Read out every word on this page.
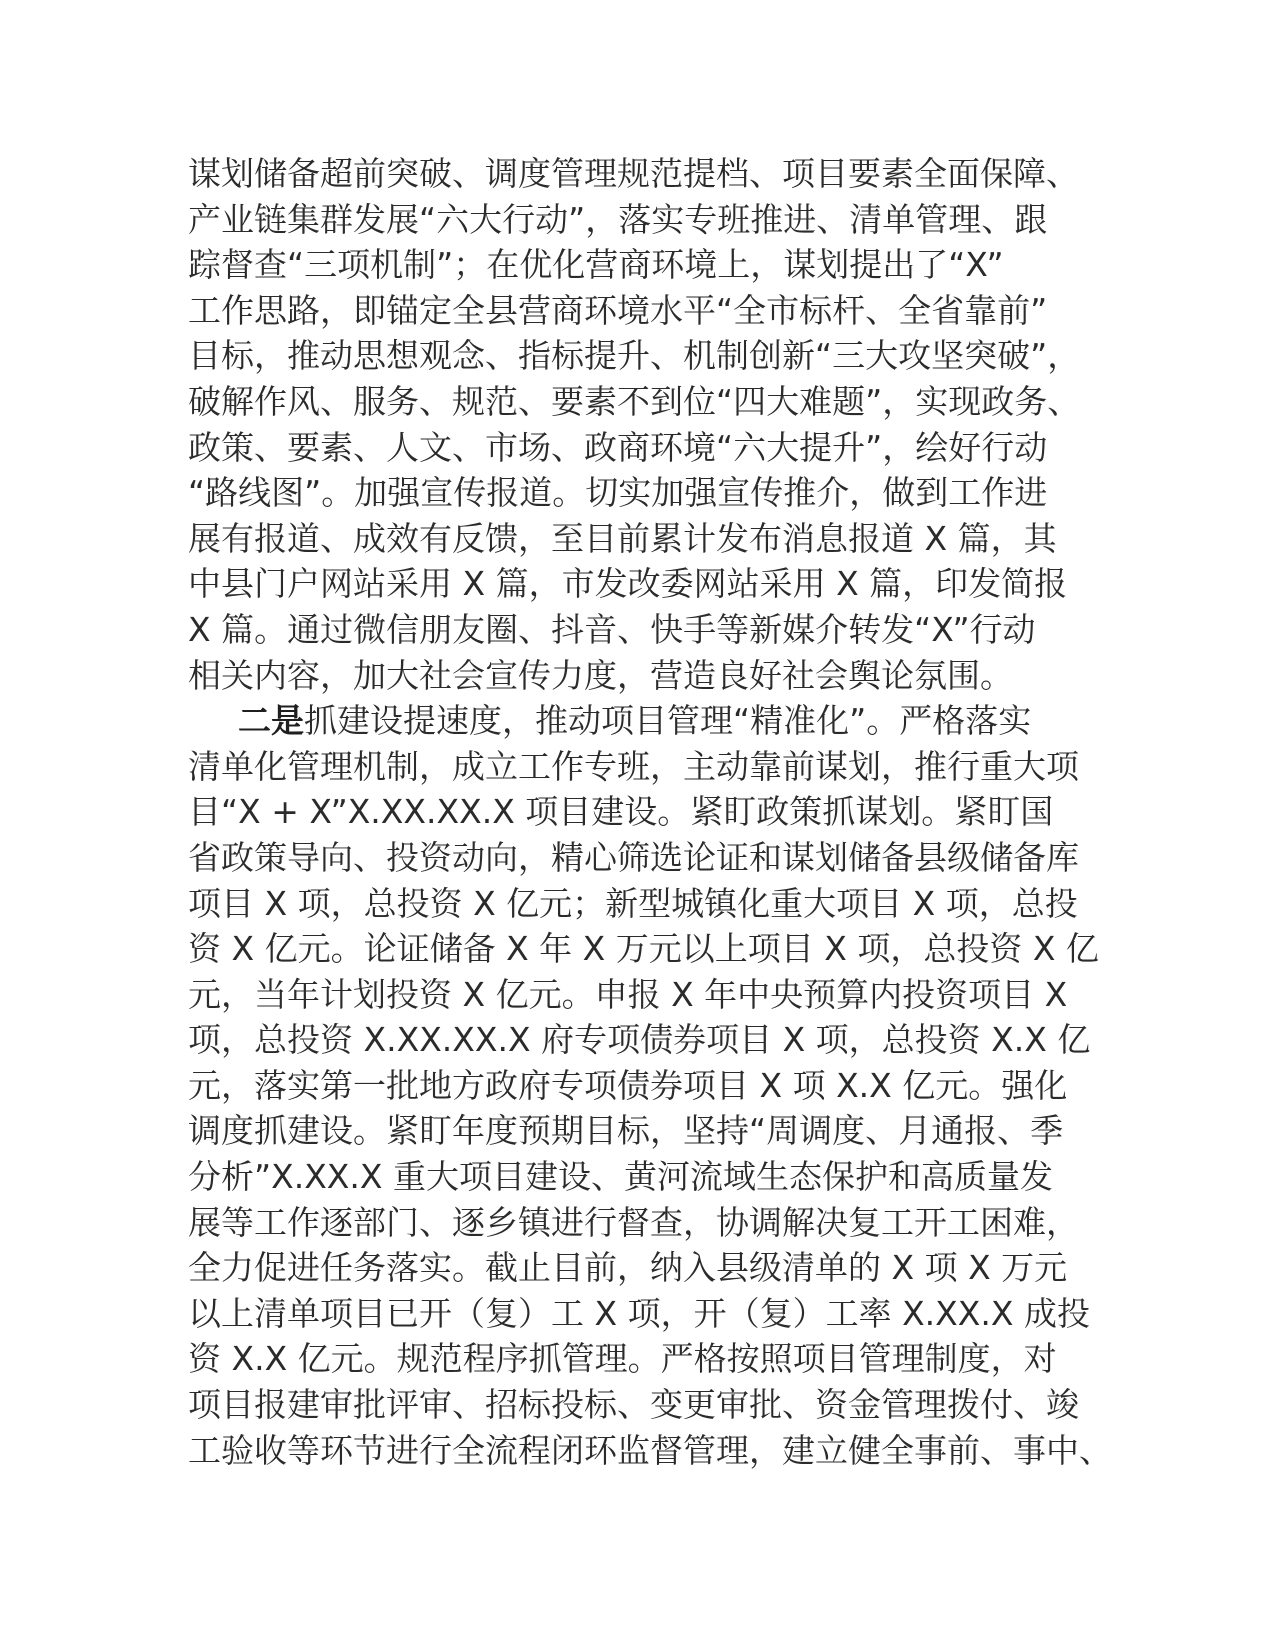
谋划储备超前突破、调度管理规范提档、项目要素全面保障、
产业链集群发展“六大行动”，落实专班推进、清单管理、跟
踪督查“三项机制”；在优化营商环境上，谋划提出了“X”
工作思路，即锚定全县营商环境水平“全市标杆、全省靠前”
目标，推动思想观念、指标提升、机制创新“三大攻坚突破”，
破解作风、服务、规范、要素不到位“四大难题”，实现政务、
政策、要素、人文、市场、政商环境“六大提升”，绘好行动
“路线图”。加强宣传报道。切实加强宣传推介，做到工作进
展有报道、成效有反馈，至目前累计发布消息报道 X 篇，其
中县门户网站采用 X 篇，市发改委网站采用 X 篇，印发简报
X 篇。通过微信朋友圈、抖音、快手等新媒介转发“X”行动
相关内容，加大社会宣传力度，营造良好社会舆论氛围。
二是抓建设提速度，推动项目管理“精准化”。严格落实
清单化管理机制，成立工作专班，主动靠前谋划，推行重大项
目“X + X”X.XX.XX.X 项目建设。紧盯政策抓谋划。紧盯国
省政策导向、投资动向，精心筛选论证和谋划储备县级储备库
项目 X 项，总投资 X 亿元；新型城镇化重大项目 X 项，总投
资 X 亿元。论证储备 X 年 X 万元以上项目 X 项，总投资 X 亿
元，当年计划投资 X 亿元。申报 X 年中央预算内投资项目 X
项，总投资 X.XX.XX.X 府专项债券项目 X 项，总投资 X.X 亿
元，落实第一批地方政府专项债券项目 X 项 X.X 亿元。强化
调度抓建设。紧盯年度预期目标，坚持“周调度、月通报、季
分析”X.XX.X 重大项目建设、黄河流域生态保护和高质量发
展等工作逐部门、逐乡镇进行督查，协调解决复工开工困难，
全力促进任务落实。截止目前，纳入县级清单的 X 项 X 万元
以上清单项目已开（复）工 X 项，开（复）工率 X.XX.X 成投
资 X.X 亿元。规范程序抓管理。严格按照项目管理制度，对
项目报建审批评审、招标投标、变更审批、资金管理拨付、竣
工验收等环节进行全流程闭环监督管理，建立健全事前、事中、
